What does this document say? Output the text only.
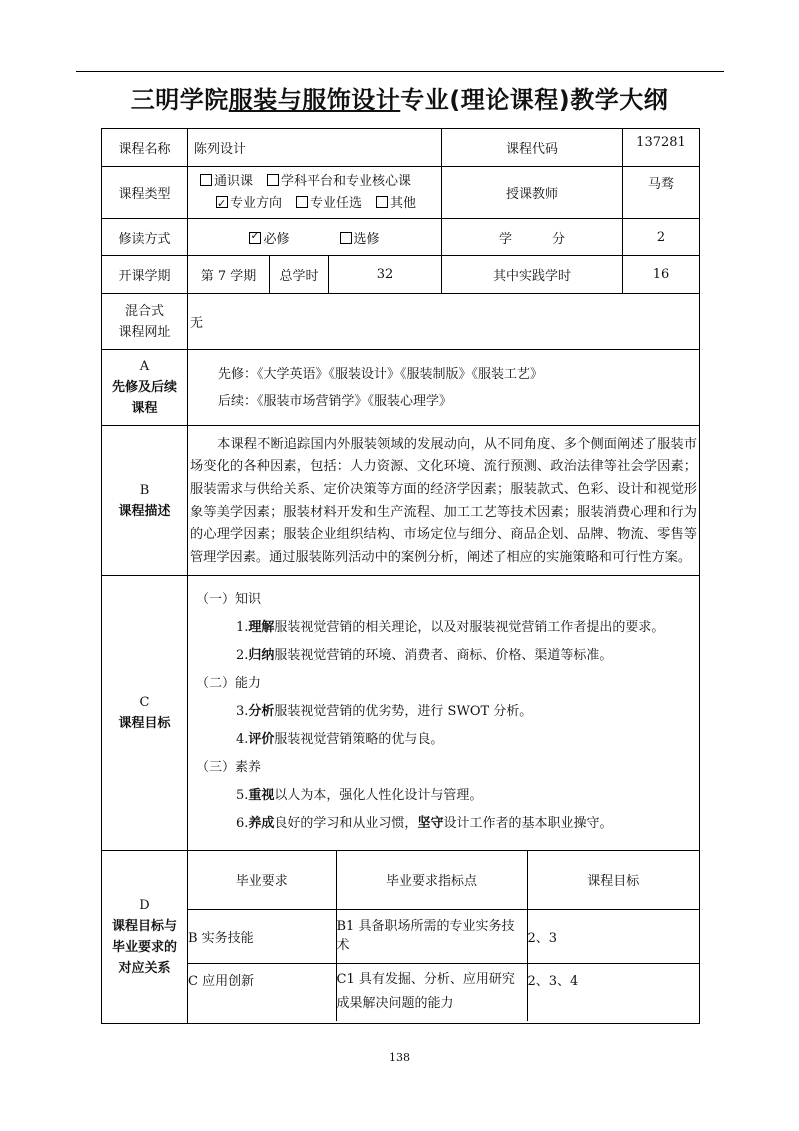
三明学院服装与服饰设计专业(理论课程)教学大纲
课程名称	陈列设计	课程代码	137281
课程类型	
通识课 学科平台和专业核心课
✓专业方向 专业任选 其他
	授课教师	马骛
修读方式	✓必修	选修	学	分	2
开课学期	第 7 学期	总学时	32	其中实践学时	16

混合式
课程网址
	无

A
先修及后续
课程

先修：《大学英语》《服装设计》《服装制版》《服装工艺》
后续：《服装市场营销学》《服装心理学》

B
课程描述
	本课程不断追踪国内外服装领域的发展动向，从不同角度、多个侧面阐述了服装市场变化的各种因素，包括：人力资源、文化环境、流行预测、政治法律等社会学因素；服装需求与供给关系、定价决策等方面的经济学因素；服装款式、色彩、设计和视觉形象等美学因素；服装材料开发和生产流程、加工工艺等技术因素；服装消费心理和行为的心理学因素；服装企业组织结构、市场定位与细分、商品企划、品牌、物流、零售等管理学因素。通过服装陈列活动中的案例分析，阐述了相应的实施策略和可行性方案。

C
课程目标

（一）知识
1.理解服装视觉营销的相关理论，以及对服装视觉营销工作者提出的要求。
2.归纳服装视觉营销的环境、消费者、商标、价格、渠道等标准。
（二）能力
3.分析服装视觉营销的优劣势，进行 SWOT 分析。
4.评价服装视觉营销策略的优与良。
（三）素养
5.重视以人为本，强化人性化设计与管理。
6.养成良好的学习和从业习惯，坚守设计工作者的基本职业操守。

D
课程目标与
毕业要求的
对应关系

毕业要求	毕业要求指标点	课程目标
B 实务技能	B1 具备职场所需的专业实务技术	2、3
C 应用创新	C1 具有发掘、分析、应用研究成果解决问题的能力	2、3、4
138
